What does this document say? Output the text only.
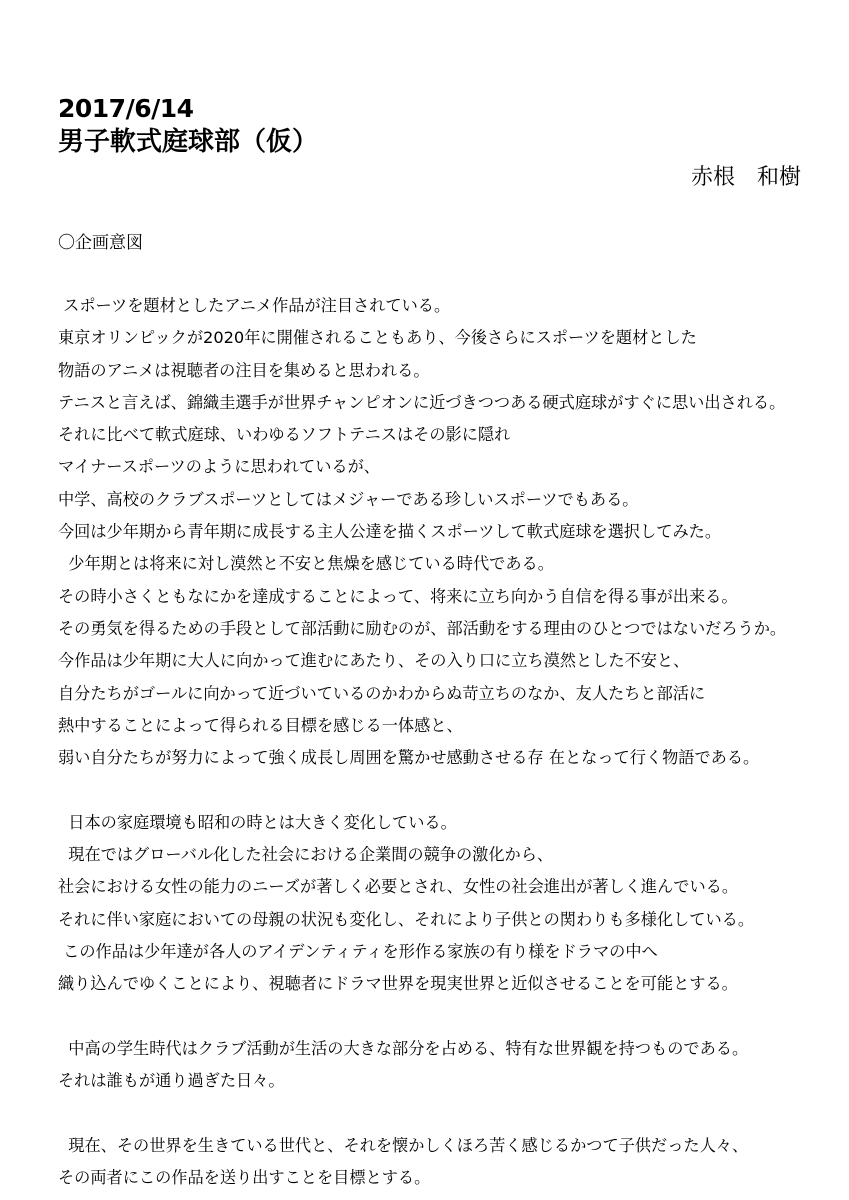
2017/6/14
男子軟式庭球部（仮）
赤根　和樹
〇企画意図
スポーツを題材としたアニメ作品が注目されている。
東京オリンピックが2020年に開催されることもあり、今後さらにスポーツを題材とした
物語のアニメは視聴者の注目を集めると思われる。
テニスと言えば、錦織圭選手が世界チャンピオンに近づきつつある硬式庭球がすぐに思い出される。
それに比べて軟式庭球、いわゆるソフトテニスはその影に隠れ
マイナースポーツのように思われているが、
中学、高校のクラブスポーツとしてはメジャーである珍しいスポーツでもある。
今回は少年期から青年期に成長する主人公達を描くスポーツして軟式庭球を選択してみた。
少年期とは将来に対し漠然と不安と焦燥を感じている時代である。
その時小さくともなにかを達成することによって、将来に立ち向かう自信を得る事が出来る。
その勇気を得るための手段として部活動に励むのが、部活動をする理由のひとつではないだろうか。
今作品は少年期に大人に向かって進むにあたり、その入り口に立ち漠然とした不安と、
自分たちがゴールに向かって近づいているのかわからぬ苛立ちのなか、友人たちと部活に
熱中することによって得られる目標を感じる一体感と、
弱い自分たちが努力によって強く成長し周囲を驚かせ感動させる存 在となって行く物語である。
日本の家庭環境も昭和の時とは大きく変化している。
現在ではグローバル化した社会における企業間の競争の激化から、
社会における女性の能力のニーズが著しく必要とされ、女性の社会進出が著しく進んでいる。
それに伴い家庭においての母親の状況も変化し、それにより子供との関わりも多様化している。
この作品は少年達が各人のアイデンティティを形作る家族の有り様をドラマの中へ
織り込んでゆくことにより、視聴者にドラマ世界を現実世界と近似させることを可能とする。
中高の学生時代はクラブ活動が生活の大きな部分を占める、特有な世界観を持つものである。
それは誰もが通り過ぎた日々。
現在、その世界を生きている世代と、それを懐かしくほろ苦く感じるかつて子供だった人々、
その両者にこの作品を送り出すことを目標とする。
